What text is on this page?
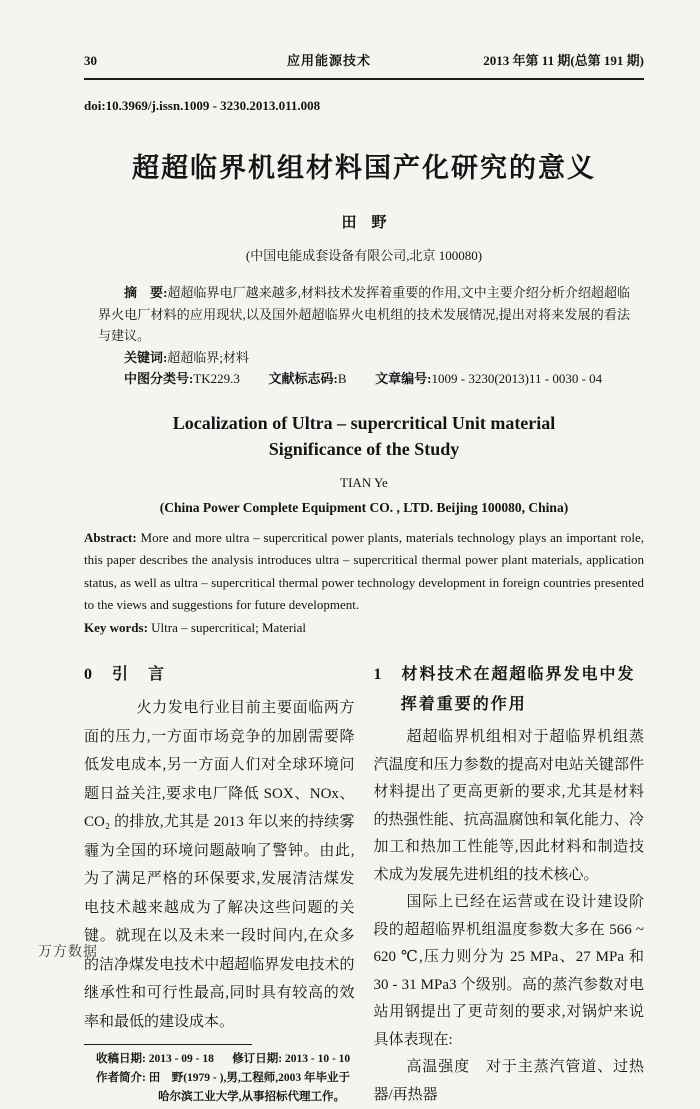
30	应用能源技术	2013 年第 11 期(总第 191 期)
doi:10.3969/j.issn.1009 - 3230.2013.011.008
超超临界机组材料国产化研究的意义
田　野
(中国电能成套设备有限公司,北京 100080)

摘　要:超超临界电厂越来越多,材料技术发挥着重要的作用,文中主要介绍分析介绍超超临界火电厂材料的应用现状,以及国外超超临界火电机组的技术发展情况,提出对将来发展的看法与建议。

关键词:超超临界;材料

中图分类号:TK229.3 文献标志码:B 文章编号:1009 - 3230(2013)11 - 0030 - 04

Localization of Ultra – supercritical Unit material
Significance of the Study
TIAN Ye
(China Power Complete Equipment CO. , LTD. Beijing 100080, China)

Abstract: More and more ultra – supercritical power plants, materials technology plays an important role, this paper describes the analysis introduces ultra – supercritical thermal power plant materials, application status, as well as ultra – supercritical thermal power technology development in foreign countries presented to the views and suggestions for future development.

Key words: Ultra – supercritical; Material

0　引　言

火力发电行业目前主要面临两方面的压力,一方面市场竞争的加剧需要降低发电成本,另一方面人们对全球环境问题日益关注,要求电厂降低 SOX、NOx、CO₂ 的排放,尤其是 2013 年以来的持续雾霾为全国的环境问题敲响了警钟。由此,为了满足严格的环保要求,发展清洁煤发电技术越来越成为了解决这些问题的关键。就现在以及未来一段时间内,在众多的洁净煤发电技术中超超临界发电技术的继承性和可行性最高,同时具有较高的效率和最低的建设成本。

收稿日期: 2013 - 09 - 18 修订日期: 2013 - 10 - 10

作者简介: 田　野(1979 - ),男,工程师,2003 年毕业于哈尔滨工业大学,从事招标代理工作。

1　材料技术在超超临界发电中发挥着重要的作用

超超临界机组相对于超临界机组蒸汽温度和压力参数的提高对电站关键部件材料提出了更高更新的要求,尤其是材料的热强性能、抗高温腐蚀和氧化能力、冷加工和热加工性能等,因此材料和制造技术成为发展先进机组的技术核心。

国际上已经在运营或在设计建设阶段的超超临界机组温度参数大多在 566 ~ 620 ℃,压力则分为 25 MPa、27 MPa 和 30 - 31 MPa3 个级别。高的蒸汽参数对电站用钢提出了更苛刻的要求,对锅炉来说具体表现在:

高温强度　对于主蒸汽管道、过热器/再热器

万方数据
